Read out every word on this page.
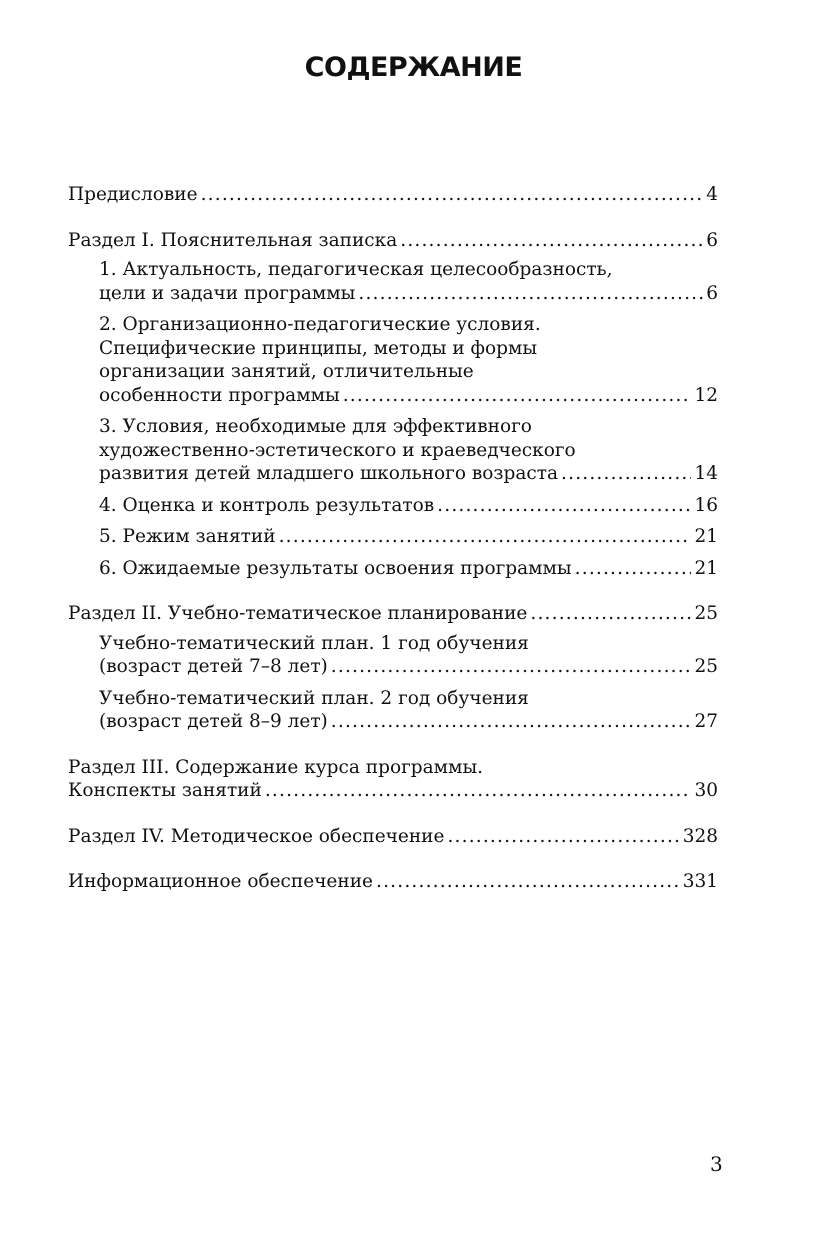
СОДЕРЖАНИЕ
Предисловие .....	4
Раздел I. Пояснительная записка .....	6
1. Актуальность, педагогическая целесообразность,
цели и задачи программы .....	6
2. Организационно-педагогические условия.
Специфические принципы, методы и формы
организации занятий, отличительные
особенности программы .....	12
3. Условия, необходимые для эффективного
художественно-эстетического и краеведческого
развития детей младшего школьного возраста .....	14
4. Оценка и контроль результатов .....	16
5. Режим занятий .....	21
6. Ожидаемые результаты освоения программы .....	21
Раздел II. Учебно-тематическое планирование .....	25
Учебно-тематический план. 1 год обучения
(возраст детей 7–8 лет) .....	25
Учебно-тематический план. 2 год обучения
(возраст детей 8–9 лет) .....	27
Раздел III. Содержание курса программы.
Конспекты занятий .....	30
Раздел IV. Методическое обеспечение .....	328
Информационное обеспечение .....	331

3
